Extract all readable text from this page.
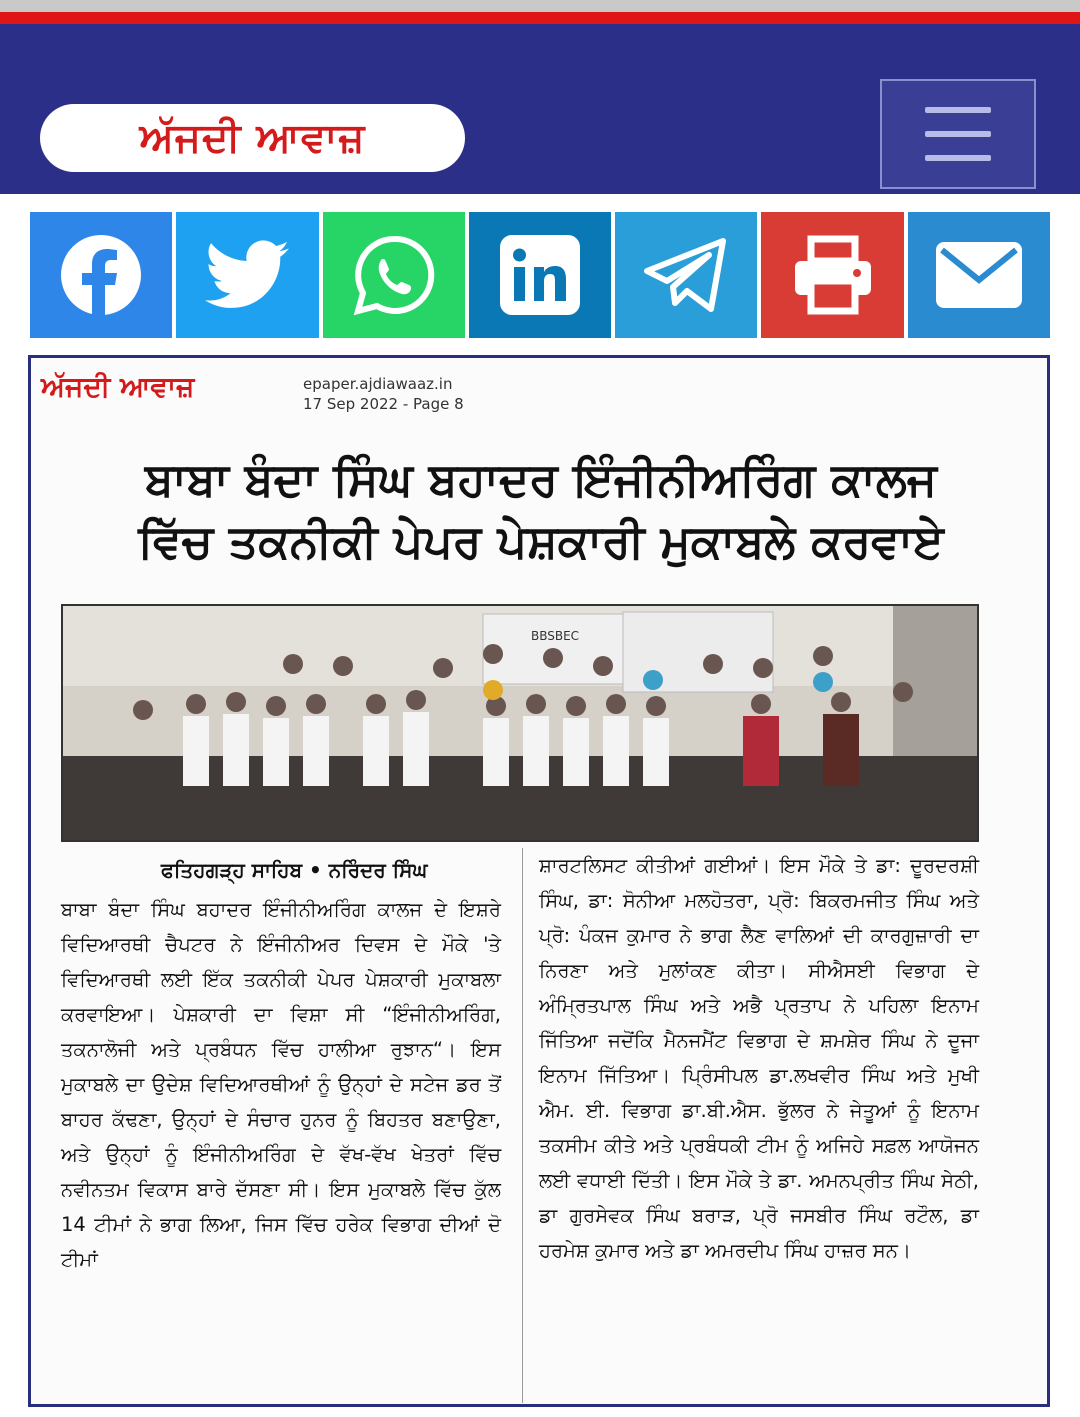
ਅੱਜਦੀ ਆਵਾਜ਼
ਅੱਜਦੀ ਆਵਾਜ਼	epaper.ajdiawaaz.in
17 Sep 2022 - Page 8
ਬਾਬਾ ਬੰਦਾ ਸਿੰਘ ਬਹਾਦਰ ਇੰਜੀਨੀਅਰਿੰਗ ਕਾਲਜ
ਵਿੱਚ ਤਕਨੀਕੀ ਪੇਪਰ ਪੇਸ਼ਕਾਰੀ ਮੁਕਾਬਲੇ ਕਰਵਾਏ
BBSBEC
ਫਤਿਹਗੜ੍ਹ ਸਾਹਿਬ • ਨਰਿੰਦਰ ਸਿੰਘ
ਬਾਬਾ ਬੰਦਾ ਸਿੰਘ ਬਹਾਦਰ ਇੰਜੀਨੀਅਰਿੰਗ ਕਾਲਜ ਦੇ ਇਸ਼ਰੇ ਵਿਦਿਆਰਥੀ ਚੈਪਟਰ ਨੇ ਇੰਜੀਨੀਅਰ ਦਿਵਸ ਦੇ ਮੌਕੇ 'ਤੇ ਵਿਦਿਆਰਥੀ ਲਈ ਇੱਕ ਤਕਨੀਕੀ ਪੇਪਰ ਪੇਸ਼ਕਾਰੀ ਮੁਕਾਬਲਾ ਕਰਵਾਇਆ। ਪੇਸ਼ਕਾਰੀ ਦਾ ਵਿਸ਼ਾ ਸੀ “ਇੰਜੀਨੀਅਰਿੰਗ, ਤਕਨਾਲੋਜੀ ਅਤੇ ਪ੍ਰਬੰਧਨ ਵਿੱਚ ਹਾਲੀਆ ਰੁਝਾਨ“। ਇਸ ਮੁਕਾਬਲੇ ਦਾ ਉਦੇਸ਼ ਵਿਦਿਆਰਥੀਆਂ ਨੂੰ ਉਨ੍ਹਾਂ ਦੇ ਸਟੇਜ ਡਰ ਤੋਂ ਬਾਹਰ ਕੱਢਣਾ, ਉਨ੍ਹਾਂ ਦੇ ਸੰਚਾਰ ਹੁਨਰ ਨੂੰ ਬਿਹਤਰ ਬਣਾਉਣਾ, ਅਤੇ ਉਨ੍ਹਾਂ ਨੂੰ ਇੰਜੀਨੀਅਰਿੰਗ ਦੇ ਵੱਖ-ਵੱਖ ਖੇਤਰਾਂ ਵਿੱਚ ਨਵੀਨਤਮ ਵਿਕਾਸ ਬਾਰੇ ਦੱਸਣਾ ਸੀ। ਇਸ ਮੁਕਾਬਲੇ ਵਿੱਚ ਕੁੱਲ 14 ਟੀਮਾਂ ਨੇ ਭਾਗ ਲਿਆ, ਜਿਸ ਵਿੱਚ ਹਰੇਕ ਵਿਭਾਗ ਦੀਆਂ ਦੋ ਟੀਮਾਂ
ਸ਼ਾਰਟਲਿਸਟ ਕੀਤੀਆਂ ਗਈਆਂ। ਇਸ ਮੌਕੇ ਤੇ ਡਾ: ਦੂਰਦਰਸ਼ੀ ਸਿੰਘ, ਡਾ: ਸੋਨੀਆ ਮਲਹੋਤਰਾ, ਪ੍ਰੋ: ਬਿਕਰਮਜੀਤ ਸਿੰਘ ਅਤੇ ਪ੍ਰੋ: ਪੰਕਜ ਕੁਮਾਰ ਨੇ ਭਾਗ ਲੈਣ ਵਾਲਿਆਂ ਦੀ ਕਾਰਗੁਜ਼ਾਰੀ ਦਾ ਨਿਰਣਾ ਅਤੇ ਮੁਲਾਂਕਣ ਕੀਤਾ। ਸੀਐਸਈ ਵਿਭਾਗ ਦੇ ਅੰਮ੍ਰਿਤਪਾਲ ਸਿੰਘ ਅਤੇ ਅਭੈ ਪ੍ਰਤਾਪ ਨੇ ਪਹਿਲਾ ਇਨਾਮ ਜਿੱਤਿਆ ਜਦੋਂਕਿ ਮੈਨਜਮੈਂਟ ਵਿਭਾਗ ਦੇ ਸ਼ਮਸ਼ੇਰ ਸਿੰਘ ਨੇ ਦੂਜਾ ਇਨਾਮ ਜਿੱਤਿਆ। ਪ੍ਰਿੰਸੀਪਲ ਡਾ.ਲਖਵੀਰ ਸਿੰਘ ਅਤੇ ਮੁਖੀ ਐਮ. ਈ. ਵਿਭਾਗ ਡਾ.ਬੀ.ਐਸ. ਭੁੱਲਰ ਨੇ ਜੇਤੂਆਂ ਨੂੰ ਇਨਾਮ ਤਕਸੀਮ ਕੀਤੇ ਅਤੇ ਪ੍ਰਬੰਧਕੀ ਟੀਮ ਨੂੰ ਅਜਿਹੇ ਸਫ਼ਲ ਆਯੋਜਨ ਲਈ ਵਧਾਈ ਦਿੱਤੀ। ਇਸ ਮੌਕੇ ਤੇ ਡਾ. ਅਮਨਪ੍ਰੀਤ ਸਿੰਘ ਸੇਠੀ, ਡਾ ਗੁਰਸੇਵਕ ਸਿੰਘ ਬਰਾੜ, ਪ੍ਰੋ ਜਸਬੀਰ ਸਿੰਘ ਰਟੌਲ, ਡਾ ਹਰਮੇਸ਼ ਕੁਮਾਰ ਅਤੇ ਡਾ ਅਮਰਦੀਪ ਸਿੰਘ ਹਾਜ਼ਰ ਸਨ।
